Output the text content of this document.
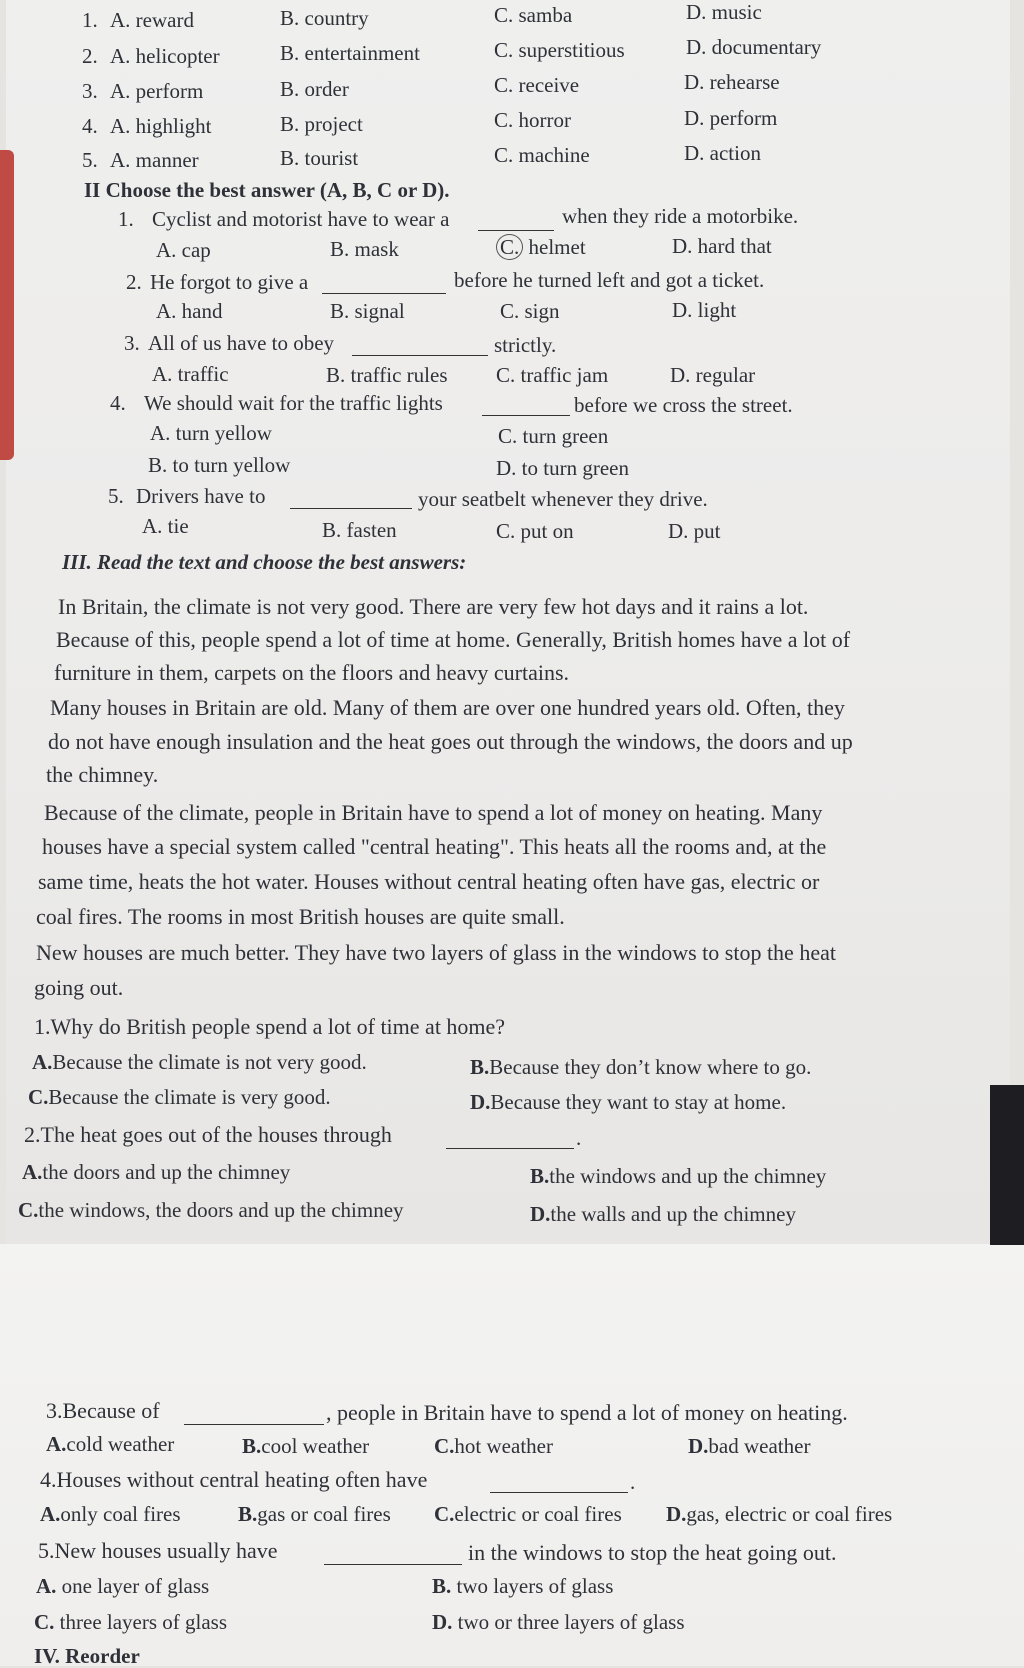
1. A. reward	B. country	C. samba	D. music
2. A. helicopter	B. entertainment	C. superstitious	D. documentary
3. A. perform	B. order	C. receive	D. rehearse
4. A. highlight	B. project	C. horror	D. perform
5. A. manner	B. tourist	C. machine	D. action
II Choose the best answer (A, B, C or D).
1. Cyclist and motorist have to wear a	when they ride a motorbike.
A. cap	B. mask	C. helmet	D. hard that
2. He forgot to give a	before he turned left and got a ticket.
A. hand	B. signal	C. sign	D. light
3. All of us have to obey	strictly.
A. traffic	B. traffic rules C. traffic jam	D. regular
4. We should wait for the traffic lights	before we cross the street.
A. turn yellow	C. turn green
B. to turn yellow	D. to turn green
5. Drivers have to	your seatbelt whenever they drive.
A. tie	B. fasten	C. put on	D. put
III. Read the text and choose the best answers:
In Britain, the climate is not very good. There are very few hot days and it rains a lot.
Because of this, people spend a lot of time at home. Generally, British homes have a lot of
furniture in them, carpets on the floors and heavy curtains.
Many houses in Britain are old. Many of them are over one hundred years old. Often, they
do not have enough insulation and the heat goes out through the windows, the doors and up
the chimney.
Because of the climate, people in Britain have to spend a lot of money on heating. Many
houses have a special system called "central heating". This heats all the rooms and, at the
same time, heats the hot water. Houses without central heating often have gas, electric or
coal fires. The rooms in most British houses are quite small.
New houses are much better. They have two layers of glass in the windows to stop the heat
going out.
1.Why do British people spend a lot of time at home?
A.Because the climate is not very good.	B.Because they don’t know where to go.
C.Because the climate is very good.	D.Because they want to stay at home.
2.The heat goes out of the houses through	.
A.the doors and up the chimney	B.the windows and up the chimney
C.the windows, the doors and up the chimney	D.the walls and up the chimney
3.Because of	, people in Britain have to spend a lot of money on heating.
A.cold weather	B.cool weather	C.hot weather	D.bad weather
4.Houses without central heating often have	.
A.only coal fires	B.gas or coal fires C.electric or coal fires D.gas, electric or coal fires
5.New houses usually have	in the windows to stop the heat going out.
A. one layer of glass	B. two layers of glass
C. three layers of glass	D. two or three layers of glass
IV. Reorder
